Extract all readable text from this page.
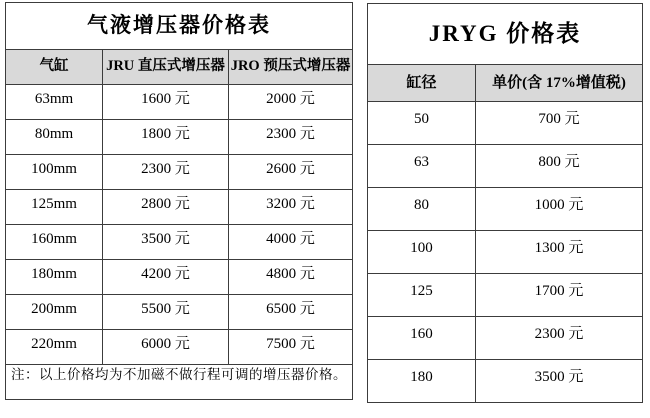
气液增压器价格表		
气缸	JRU 直压式增压器	JRO 预压式增压器
63mm	1600 元	2000 元
80mm	1800 元	2300 元
100mm	2300 元	2600 元
125mm	2800 元	3200 元
160mm	3500 元	4000 元
180mm	4200 元	4800 元
200mm	5500 元	6500 元
220mm	6000 元	7500 元
注：以上价格均为不加磁不做行程可调的增压器价格。		
JRYG 价格表	
缸径	单价(含 17%增值税)
50	700 元
63	800 元
80	1000 元
100	1300 元
125	1700 元
160	2300 元
180	3500 元
